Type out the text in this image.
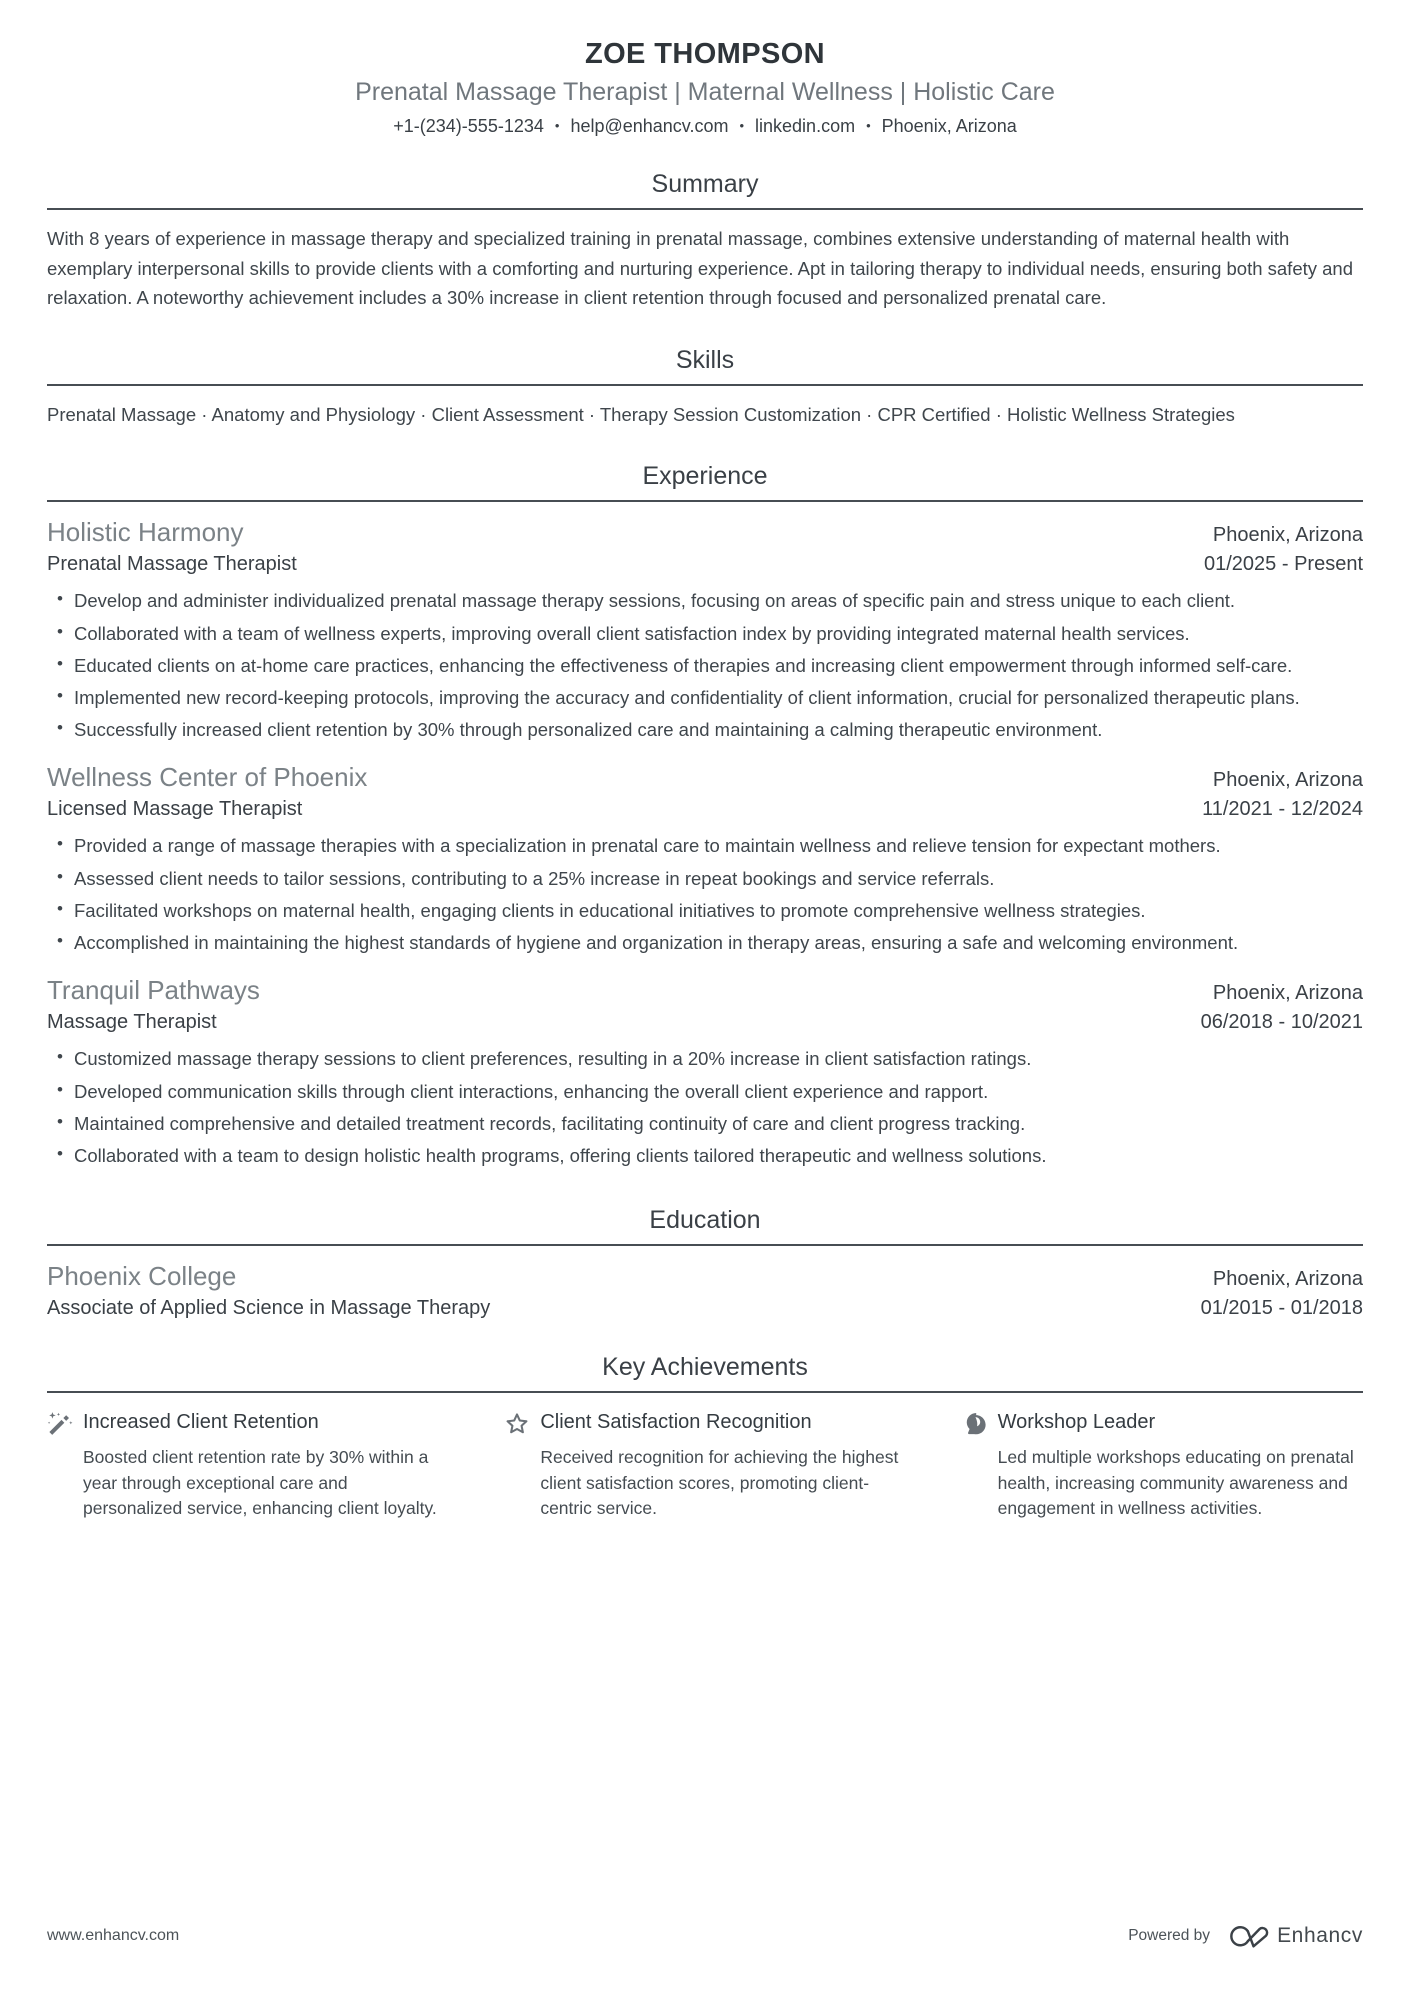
ZOE THOMPSON
Prenatal Massage Therapist | Maternal Wellness | Holistic Care
+1-(234)-555-1234 • help@enhancv.com • linkedin.com • Phoenix, Arizona
Summary

With 8 years of experience in massage therapy and specialized training in prenatal massage, combines extensive understanding of maternal health with exemplary interpersonal skills to provide clients with a comforting and nurturing experience. Apt in tailoring therapy to individual needs, ensuring both safety and relaxation. A noteworthy achievement includes a 30% increase in client retention through focused and personalized prenatal care.

Skills

Prenatal Massage · Anatomy and Physiology · Client Assessment · Therapy Session Customization · CPR Certified · Holistic Wellness Strategies

Experience
Holistic Harmony	Phoenix, Arizona
Prenatal Massage Therapist	01/2025 - Present
• Develop and administer individualized prenatal massage therapy sessions, focusing on areas of specific pain and stress unique to each client.
• Collaborated with a team of wellness experts, improving overall client satisfaction index by providing integrated maternal health services.
• Educated clients on at-home care practices, enhancing the effectiveness of therapies and increasing client empowerment through informed self-care.
• Implemented new record-keeping protocols, improving the accuracy and confidentiality of client information, crucial for personalized therapeutic plans.
• Successfully increased client retention by 30% through personalized care and maintaining a calming therapeutic environment.
Wellness Center of Phoenix	Phoenix, Arizona
Licensed Massage Therapist	11/2021 - 12/2024
• Provided a range of massage therapies with a specialization in prenatal care to maintain wellness and relieve tension for expectant mothers.
• Assessed client needs to tailor sessions, contributing to a 25% increase in repeat bookings and service referrals.
• Facilitated workshops on maternal health, engaging clients in educational initiatives to promote comprehensive wellness strategies.
• Accomplished in maintaining the highest standards of hygiene and organization in therapy areas, ensuring a safe and welcoming environment.
Tranquil Pathways	Phoenix, Arizona
Massage Therapist	06/2018 - 10/2021
• Customized massage therapy sessions to client preferences, resulting in a 20% increase in client satisfaction ratings.
• Developed communication skills through client interactions, enhancing the overall client experience and rapport.
• Maintained comprehensive and detailed treatment records, facilitating continuity of care and client progress tracking.
• Collaborated with a team to design holistic health programs, offering clients tailored therapeutic and wellness solutions.
Education
Phoenix College	Phoenix, Arizona
Associate of Applied Science in Massage Therapy	01/2015 - 01/2018
Key Achievements
Increased Client Retention
Boosted client retention rate by 30% within a year through exceptional care and personalized service, enhancing client loyalty.
Client Satisfaction Recognition
Received recognition for achieving the highest client satisfaction scores, promoting client-centric service.
Workshop Leader
Led multiple workshops educating on prenatal health, increasing community awareness and engagement in wellness activities.
www.enhancv.com	Powered by	Enhancv
